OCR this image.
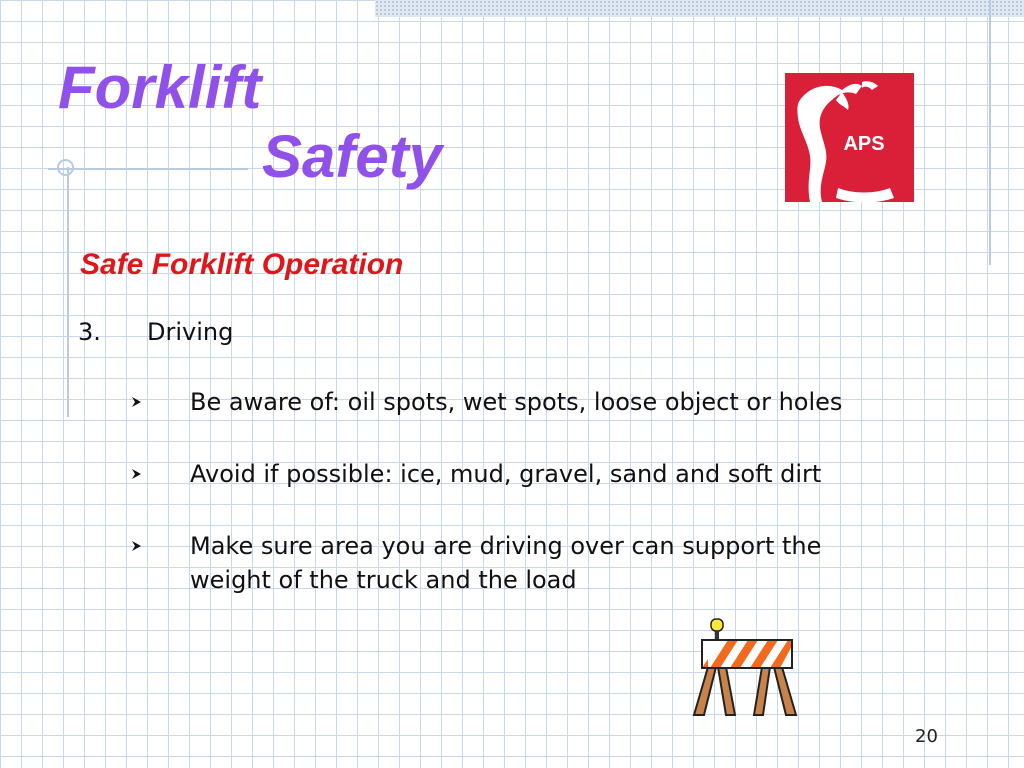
Forklift
Safety	APS
Safe Forklift Operation
3. Driving
Be aware of: oil spots, wet spots, loose object or holes
Avoid if possible: ice, mud, gravel, sand and soft dirt
Make sure area you are driving over can support the weight of the truck and the load
20
